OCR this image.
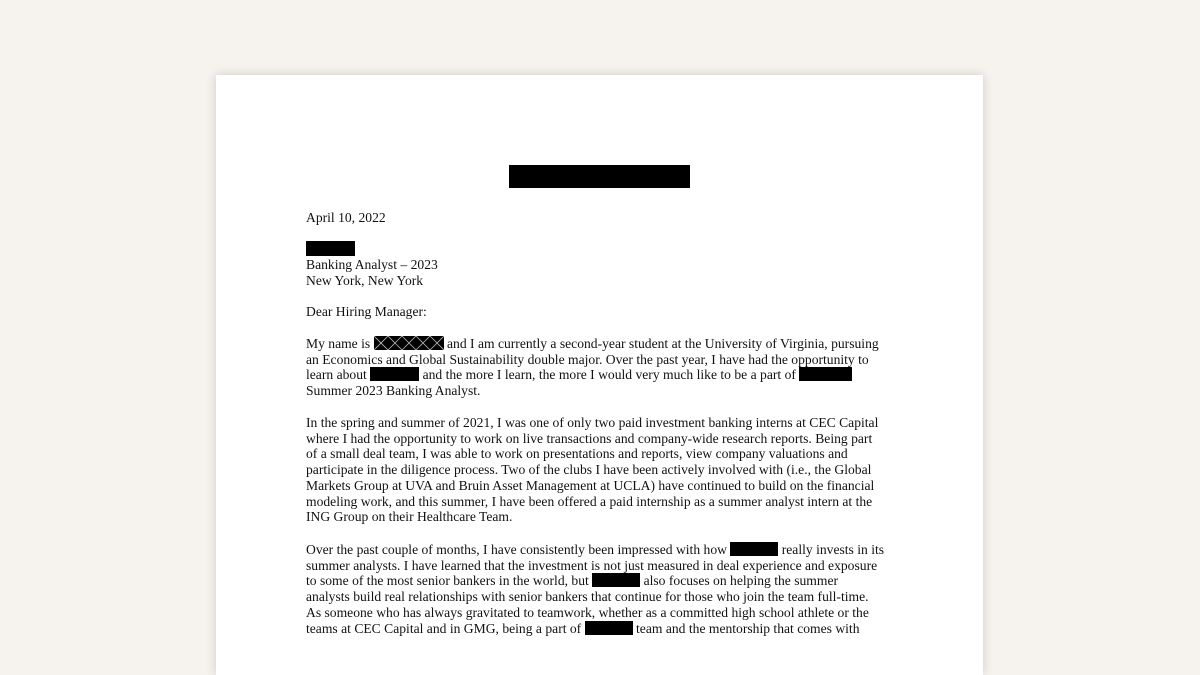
April 10, 2022
Banking Analyst – 2023
New York, New York
Dear Hiring Manager:
My name is	and I am currently a second-year student at the University of Virginia, pursuing
an Economics and Global Sustainability double major. Over the past year, I have had the opportunity to
learn about	and the more I learn, the more I would very much like to be a part of
Summer 2023 Banking Analyst.
In the spring and summer of 2021, I was one of only two paid investment banking interns at CEC Capital
where I had the opportunity to work on live transactions and company-wide research reports. Being part
of a small deal team, I was able to work on presentations and reports, view company valuations and
participate in the diligence process. Two of the clubs I have been actively involved with (i.e., the Global
Markets Group at UVA and Bruin Asset Management at UCLA) have continued to build on the financial
modeling work, and this summer, I have been offered a paid internship as a summer analyst intern at the
ING Group on their Healthcare Team.
Over the past couple of months, I have consistently been impressed with how	really invests in its
summer analysts. I have learned that the investment is not just measured in deal experience and exposure
to some of the most senior bankers in the world, but	also focuses on helping the summer
analysts build real relationships with senior bankers that continue for those who join the team full-time.
As someone who has always gravitated to teamwork, whether as a committed high school athlete or the
teams at CEC Capital and in GMG, being a part of	team and the mentorship that comes with
